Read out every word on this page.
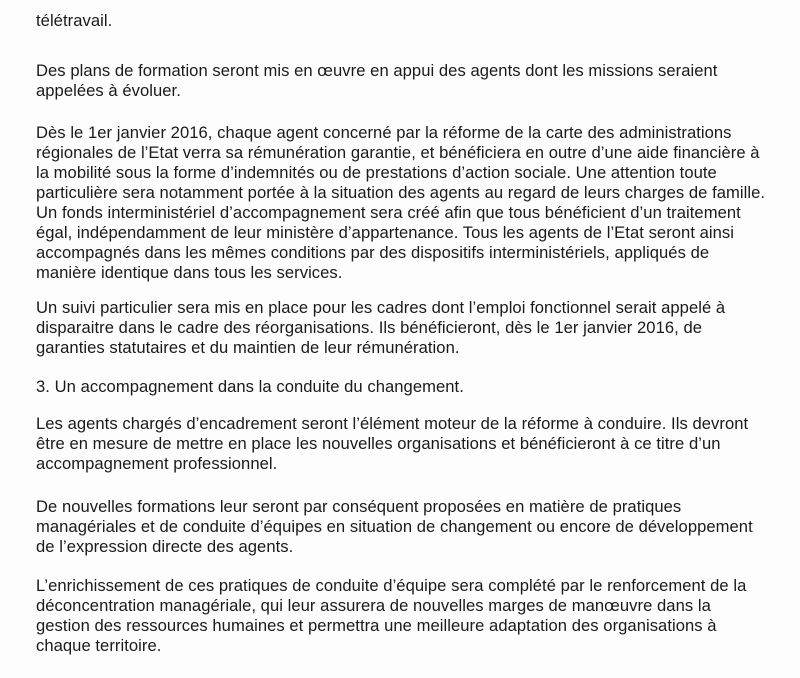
télétravail.

Des plans de formation seront mis en œuvre en appui des agents dont les missions seraient
appelées à évoluer.

Dès le 1er janvier 2016, chaque agent concerné par la réforme de la carte des administrations
régionales de l’Etat verra sa rémunération garantie, et bénéficiera en outre d’une aide financière à
la mobilité sous la forme d’indemnités ou de prestations d’action sociale. Une attention toute
particulière sera notamment portée à la situation des agents au regard de leurs charges de famille.
Un fonds interministériel d’accompagnement sera créé afin que tous bénéficient d’un traitement
égal, indépendamment de leur ministère d’appartenance. Tous les agents de l’Etat seront ainsi
accompagnés dans les mêmes conditions par des dispositifs interministériels, appliqués de
manière identique dans tous les services.

Un suivi particulier sera mis en place pour les cadres dont l’emploi fonctionnel serait appelé à
disparaitre dans le cadre des réorganisations. Ils bénéficieront, dès le 1er janvier 2016, de
garanties statutaires et du maintien de leur rémunération.

3. Un accompagnement dans la conduite du changement.

Les agents chargés d’encadrement seront l’élément moteur de la réforme à conduire. Ils devront
être en mesure de mettre en place les nouvelles organisations et bénéficieront à ce titre d’un
accompagnement professionnel.

De nouvelles formations leur seront par conséquent proposées en matière de pratiques
managériales et de conduite d’équipes en situation de changement ou encore de développement
de l’expression directe des agents.

L’enrichissement de ces pratiques de conduite d’équipe sera complété par le renforcement de la
déconcentration managériale, qui leur assurera de nouvelles marges de manœuvre dans la
gestion des ressources humaines et permettra une meilleure adaptation des organisations à
chaque territoire.
